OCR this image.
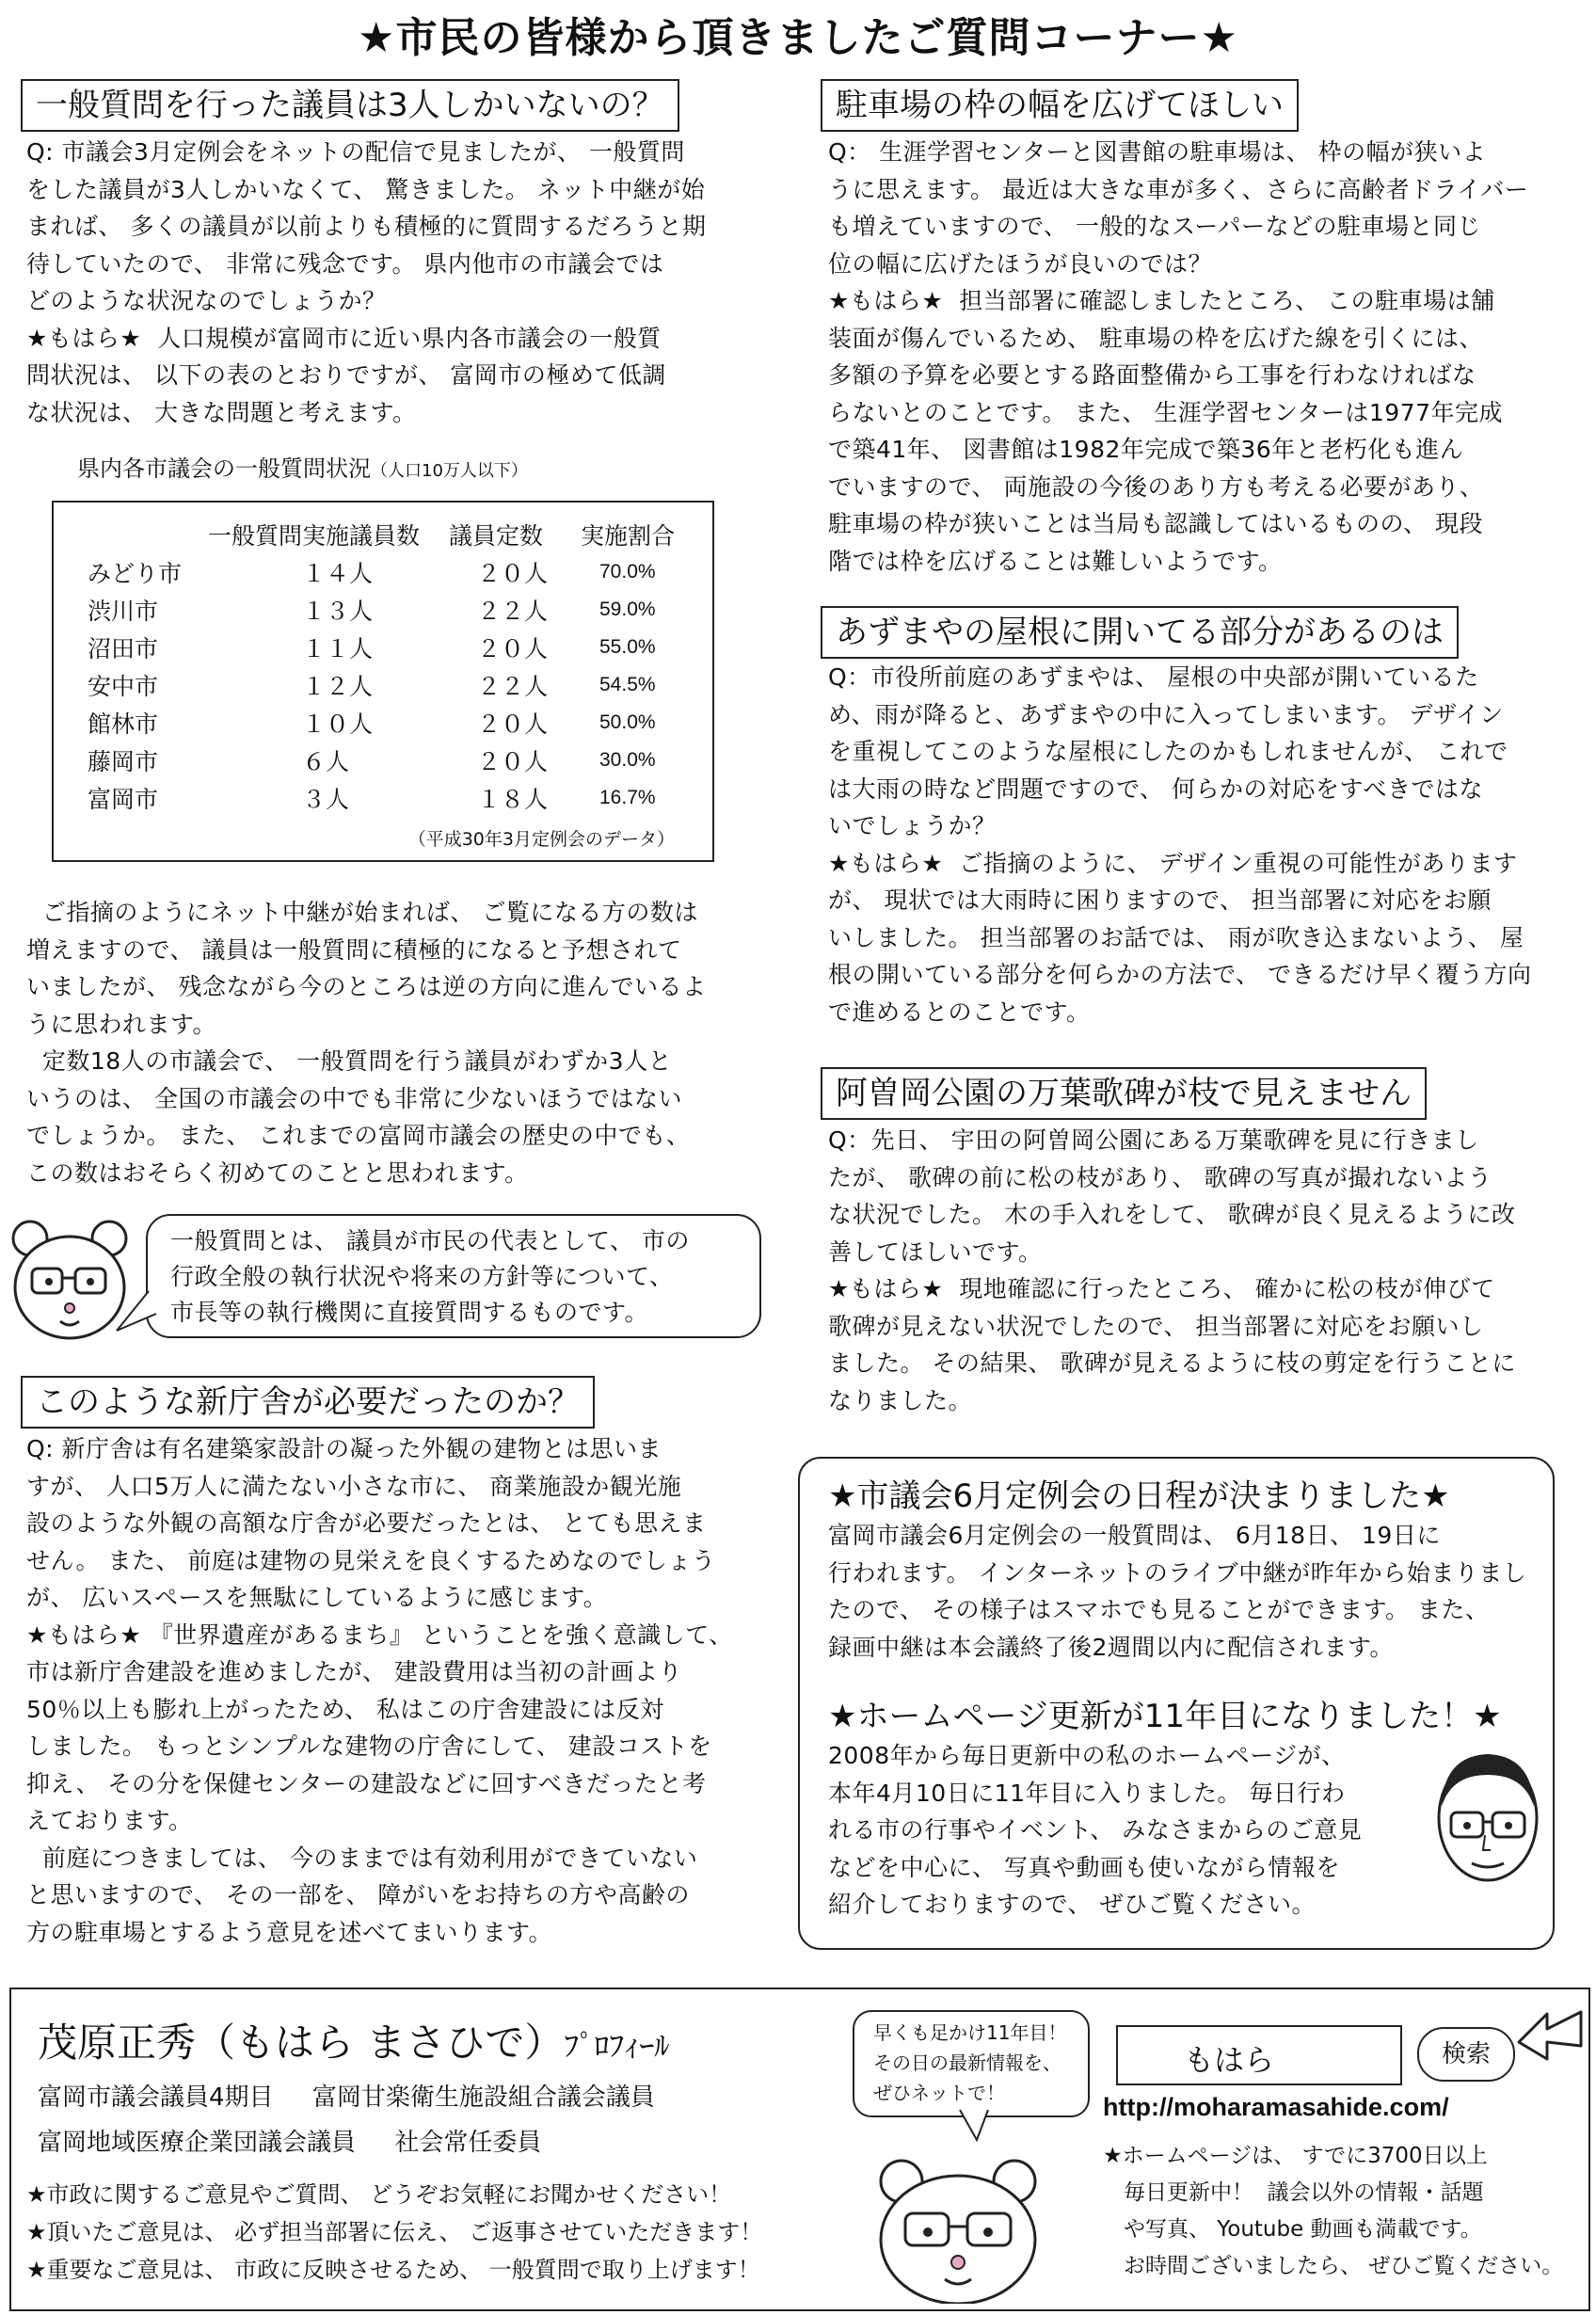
★市民の皆様から頂きましたご質問コーナー★
一般質問を行った議員は3人しかいないの？
Q: 市議会3月定例会をネットの配信で見ましたが、 一般質問
をした議員が3人しかいなくて、 驚きました。 ネット中継が始
まれば、 多くの議員が以前よりも積極的に質問するだろうと期
待していたので、 非常に残念です。 県内他市の市議会では
どのような状況なのでしょうか？
★もはら★  人口規模が富岡市に近い県内各市議会の一般質
問状況は、 以下の表のとおりですが、 富岡市の極めて低調
な状況は、 大きな問題と考えます。
県内各市議会の一般質問状況（人口10万人以下）
	一般質問実施議員数	議員定数	実施割合
みどり市	１４人	２０人	70.0%
渋川市	１３人	２２人	59.0%
沼田市	１１人	２０人	55.0%
安中市	１２人	２２人	54.5%
館林市	１０人	２０人	50.0%
藤岡市	６人	２０人	30.0%
富岡市	３人	１８人	16.7%
（平成30年3月定例会のデータ）
ご指摘のようにネット中継が始まれば、 ご覧になる方の数は
増えますので、 議員は一般質問に積極的になると予想されて
いましたが、 残念ながら今のところは逆の方向に進んでいるよ
うに思われます。
定数18人の市議会で、 一般質問を行う議員がわずか3人と
いうのは、 全国の市議会の中でも非常に少ないほうではない
でしょうか。 また、 これまでの富岡市議会の歴史の中でも、
この数はおそらく初めてのことと思われます。
一般質問とは、 議員が市民の代表として、 市の
行政全般の執行状況や将来の方針等について、
市長等の執行機関に直接質問するものです。
このような新庁舎が必要だったのか？
Q: 新庁舎は有名建築家設計の凝った外観の建物とは思いま
すが、 人口5万人に満たない小さな市に、 商業施設か観光施
設のような外観の高額な庁舎が必要だったとは、 とても思えま
せん。 また、 前庭は建物の見栄えを良くするためなのでしょう
が、 広いスペースを無駄にしているように感じます。
★もはら★ 『世界遺産があるまち』 ということを強く意識して、
市は新庁舎建設を進めましたが、 建設費用は当初の計画より
50％以上も膨れ上がったため、 私はこの庁舎建設には反対
しました。 もっとシンプルな建物の庁舎にして、 建設コストを
抑え、 その分を保健センターの建設などに回すべきだったと考
えております。
前庭につきましては、 今のままでは有効利用ができていない
と思いますので、 その一部を、 障がいをお持ちの方や高齢の
方の駐車場とするよう意見を述べてまいります。
駐車場の枠の幅を広げてほしい
Q： 生涯学習センターと図書館の駐車場は、 枠の幅が狭いよ
うに思えます。 最近は大きな車が多く、さらに高齢者ドライバー
も増えていますので、 一般的なスーパーなどの駐車場と同じ
位の幅に広げたほうが良いのでは？
★もはら★  担当部署に確認しましたところ、 この駐車場は舗
装面が傷んでいるため、 駐車場の枠を広げた線を引くには、
多額の予算を必要とする路面整備から工事を行わなければな
らないとのことです。 また、 生涯学習センターは1977年完成
で築41年、 図書館は1982年完成で築36年と老朽化も進ん
でいますので、 両施設の今後のあり方も考える必要があり、
駐車場の枠が狭いことは当局も認識してはいるものの、 現段
階では枠を広げることは難しいようです。
あずまやの屋根に開いてる部分があるのは
Q：市役所前庭のあずまやは、 屋根の中央部が開いているた
め、雨が降ると、あずまやの中に入ってしまいます。 デザイン
を重視してこのような屋根にしたのかもしれませんが、 これで
は大雨の時など問題ですので、 何らかの対応をすべきではな
いでしょうか？
★もはら★  ご指摘のように、 デザイン重視の可能性があります
が、 現状では大雨時に困りますので、 担当部署に対応をお願
いしました。 担当部署のお話では、 雨が吹き込まないよう、 屋
根の開いている部分を何らかの方法で、 できるだけ早く覆う方向
で進めるとのことです。
阿曽岡公園の万葉歌碑が枝で見えません
Q：先日、 宇田の阿曽岡公園にある万葉歌碑を見に行きまし
たが、 歌碑の前に松の枝があり、 歌碑の写真が撮れないよう
な状況でした。 木の手入れをして、 歌碑が良く見えるように改
善してほしいです。
★もはら★  現地確認に行ったところ、 確かに松の枝が伸びて
歌碑が見えない状況でしたので、 担当部署に対応をお願いし
ました。 その結果、 歌碑が見えるように枝の剪定を行うことに
なりました。
★市議会6月定例会の日程が決まりました★
富岡市議会6月定例会の一般質問は、 6月18日、 19日に
行われます。 インターネットのライブ中継が昨年から始まりまし
たので、 その様子はスマホでも見ることができます。 また、
録画中継は本会議終了後2週間以内に配信されます。
★ホームページ更新が11年目になりました！★
2008年から毎日更新中の私のホームページが、
本年4月10日に11年目に入りました。 毎日行わ
れる市の行事やイベント、 みなさまからのご意見
などを中心に、 写真や動画も使いながら情報を
紹介しておりますので、 ぜひご覧ください。
茂原正秀（もはら まさひで）ﾌﾟﾛﾌｨｰﾙ
富岡市議会議員4期目     富岡甘楽衛生施設組合議会議員
富岡地域医療企業団議会議員     社会常任委員
★市政に関するご意見やご質問、 どうぞお気軽にお聞かせください！
★頂いたご意見は、 必ず担当部署に伝え、 ご返事させていただきます！
★重要なご意見は、 市政に反映させるため、 一般質問で取り上げます！
早くも足かけ11年目！
その日の最新情報を、
ぜひネットで！
もはら	検索
http://moharamasahide.com/
★ホームページは、 すでに3700日以上
毎日更新中！  議会以外の情報・話題
や写真、 Youtube 動画も満載です。
お時間ございましたら、 ぜひご覧ください。
